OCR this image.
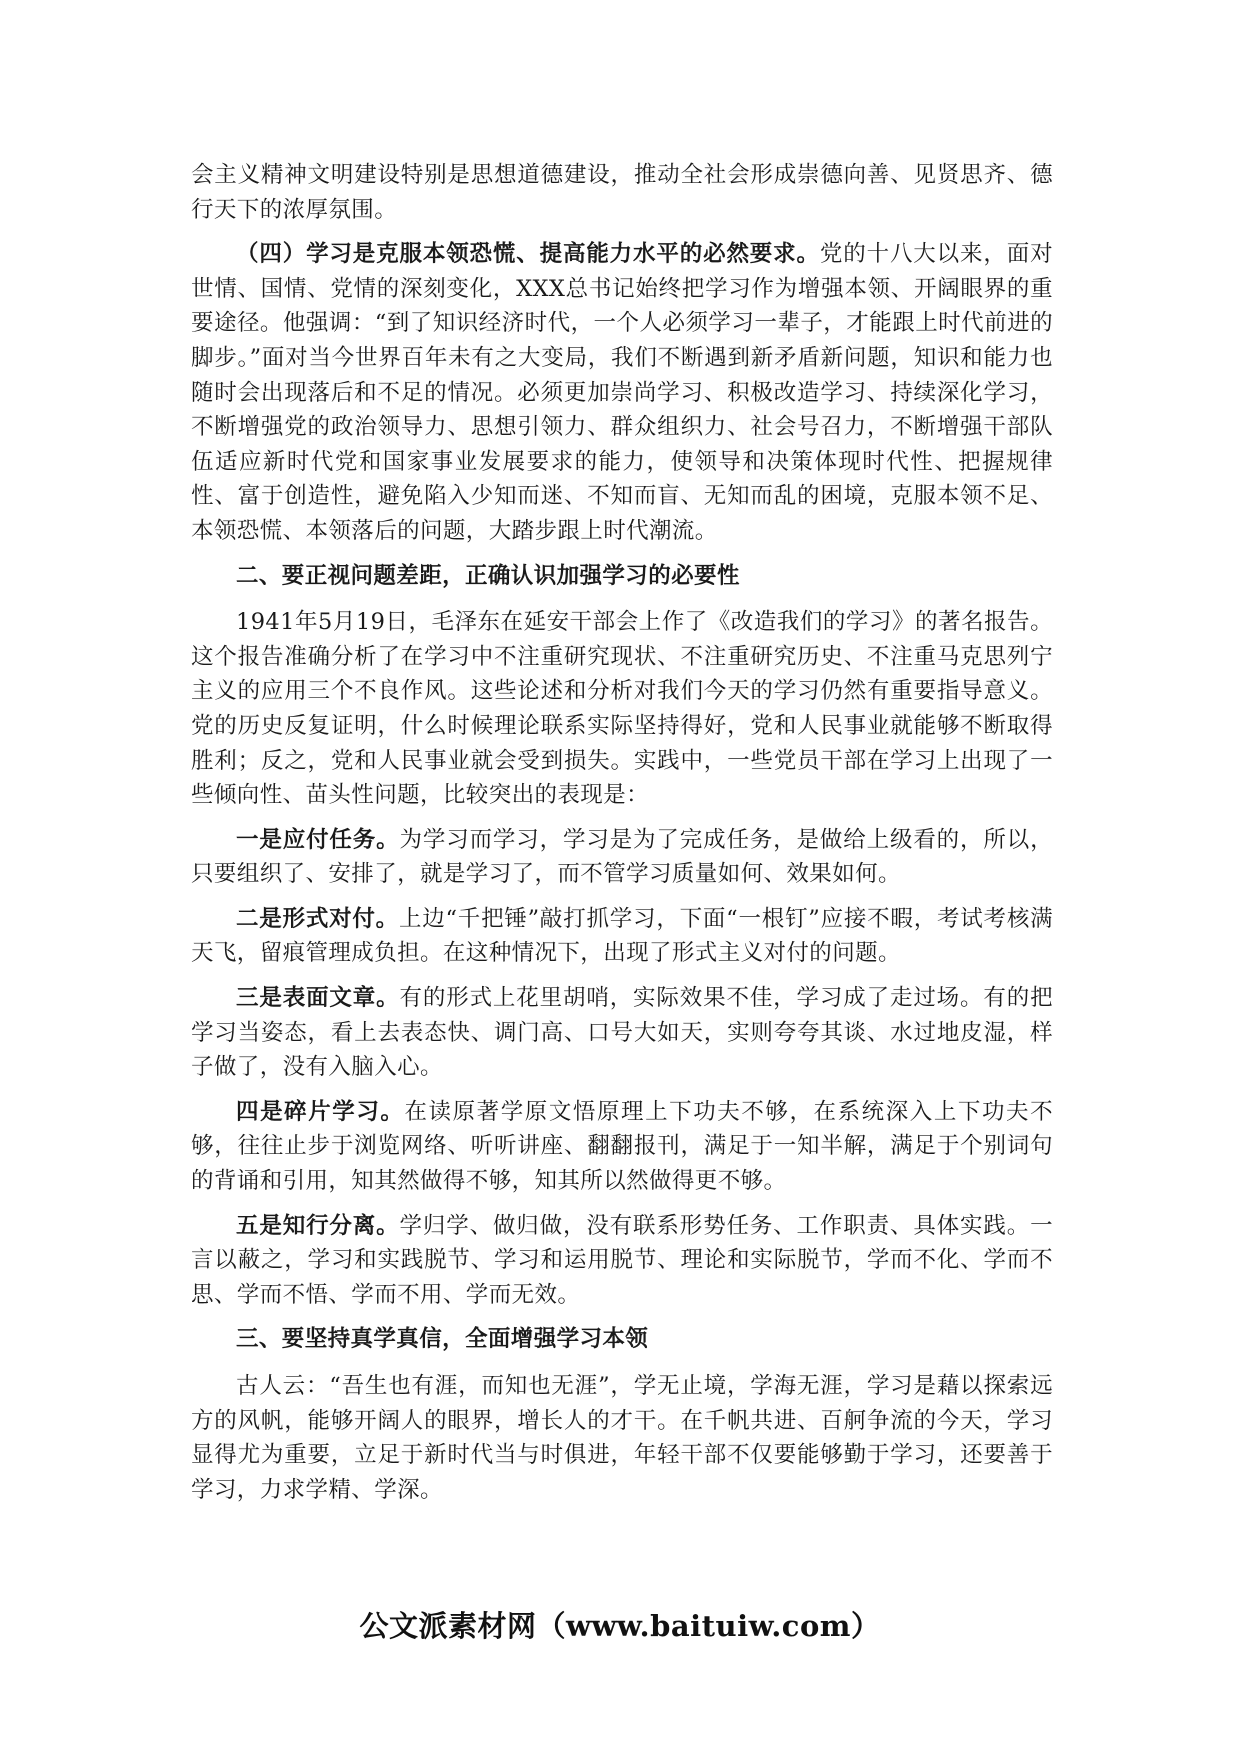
会主义精神文明建设特别是思想道德建设，推动全社会形成崇德向善、见贤思齐、德行天下的浓厚氛围。

（四）学习是克服本领恐慌、提高能力水平的必然要求。党的十八大以来，面对世情、国情、党情的深刻变化，XXX总书记始终把学习作为增强本领、开阔眼界的重要途径。他强调：“到了知识经济时代，一个人必须学习一辈子，才能跟上时代前进的脚步。”面对当今世界百年未有之大变局，我们不断遇到新矛盾新问题，知识和能力也随时会出现落后和不足的情况。必须更加崇尚学习、积极改造学习、持续深化学习，不断增强党的政治领导力、思想引领力、群众组织力、社会号召力，不断增强干部队伍适应新时代党和国家事业发展要求的能力，使领导和决策体现时代性、把握规律性、富于创造性，避免陷入少知而迷、不知而盲、无知而乱的困境，克服本领不足、本领恐慌、本领落后的问题，大踏步跟上时代潮流。

二、要正视问题差距，正确认识加强学习的必要性

1941年5月19日，毛泽东在延安干部会上作了《改造我们的学习》的著名报告。这个报告准确分析了在学习中不注重研究现状、不注重研究历史、不注重马克思列宁主义的应用三个不良作风。这些论述和分析对我们今天的学习仍然有重要指导意义。党的历史反复证明，什么时候理论联系实际坚持得好，党和人民事业就能够不断取得胜利；反之，党和人民事业就会受到损失。实践中，一些党员干部在学习上出现了一些倾向性、苗头性问题，比较突出的表现是：

一是应付任务。为学习而学习，学习是为了完成任务，是做给上级看的，所以，只要组织了、安排了，就是学习了，而不管学习质量如何、效果如何。

二是形式对付。上边“千把锤”敲打抓学习，下面“一根钉”应接不暇，考试考核满天飞，留痕管理成负担。在这种情况下，出现了形式主义对付的问题。

三是表面文章。有的形式上花里胡哨，实际效果不佳，学习成了走过场。有的把学习当姿态，看上去表态快、调门高、口号大如天，实则夸夸其谈、水过地皮湿，样子做了，没有入脑入心。

四是碎片学习。在读原著学原文悟原理上下功夫不够，在系统深入上下功夫不够，往往止步于浏览网络、听听讲座、翻翻报刊，满足于一知半解，满足于个别词句的背诵和引用，知其然做得不够，知其所以然做得更不够。

五是知行分离。学归学、做归做，没有联系形势任务、工作职责、具体实践。一言以蔽之，学习和实践脱节、学习和运用脱节、理论和实际脱节，学而不化、学而不思、学而不悟、学而不用、学而无效。

三、要坚持真学真信，全面增强学习本领

古人云：“吾生也有涯，而知也无涯”，学无止境，学海无涯，学习是藉以探索远方的风帆，能够开阔人的眼界，增长人的才干。在千帆共进、百舸争流的今天，学习显得尤为重要，立足于新时代当与时俱进，年轻干部不仅要能够勤于学习，还要善于学习，力求学精、学深。

公文派素材网（www.baituiw.com）
